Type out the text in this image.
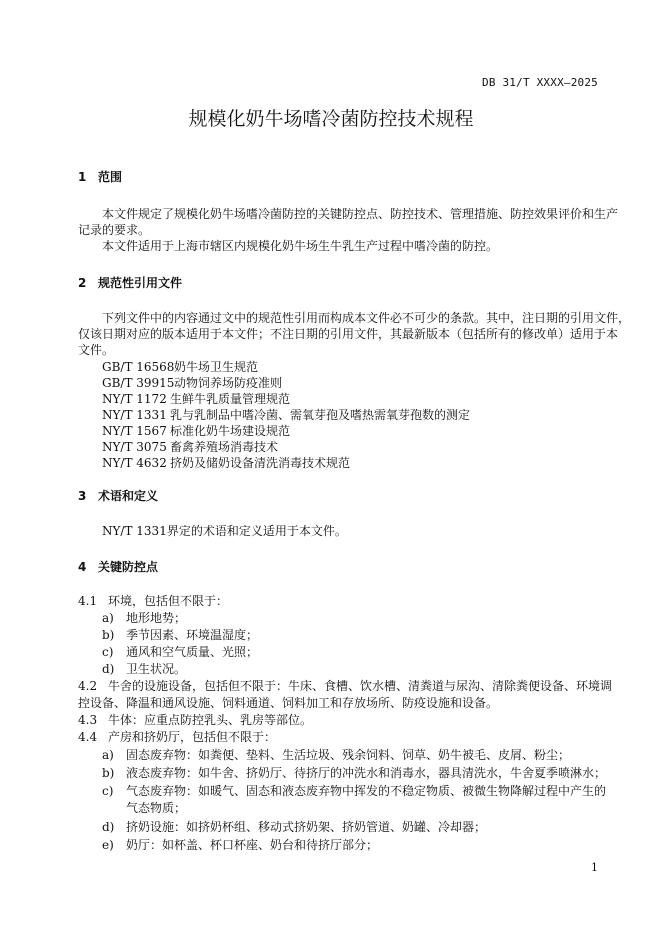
DB 31/T XXXX—2025
规模化奶牛场嗜冷菌防控技术规程
1 范围
本文件规定了规模化奶牛场嗜冷菌防控的关键防控点、防控技术、管理措施、防控效果评价和生产
记录的要求。
本文件适用于上海市辖区内规模化奶牛场生牛乳生产过程中嗜冷菌的防控。
2 规范性引用文件
下列文件中的内容通过文中的规范性引用而构成本文件必不可少的条款。其中，注日期的引用文件，
仅该日期对应的版本适用于本文件；不注日期的引用文件，其最新版本（包括所有的修改单）适用于本
文件。
GB/T 16568奶牛场卫生规范
GB/T 39915动物饲养场防疫准则
NY/T 1172 生鲜牛乳质量管理规范
NY/T 1331 乳与乳制品中嗜冷菌、需氧芽孢及嗜热需氧芽孢数的测定
NY/T 1567 标准化奶牛场建设规范
NY/T 3075 畜禽养殖场消毒技术
NY/T 4632 挤奶及储奶设备清洗消毒技术规范
3 术语和定义
NY/T 1331界定的术语和定义适用于本文件。
4 关键防控点
4.1 环境，包括但不限于：
a) 地形地势；
b) 季节因素、环境温湿度；
c) 通风和空气质量、光照；
d) 卫生状况。
4.2 牛舍的设施设备，包括但不限于：牛床、食槽、饮水槽、清粪道与尿沟、清除粪便设备、环境调
控设备、降温和通风设施、饲料通道、饲料加工和存放场所、防疫设施和设备。
4.3 牛体：应重点防控乳头、乳房等部位。
4.4 产房和挤奶厅，包括但不限于：
a) 固态废弃物：如粪便、垫料、生活垃圾、残余饲料、饲草、奶牛被毛、皮屑、粉尘；
b) 液态废弃物：如牛舍、挤奶厅、待挤厅的冲洗水和消毒水，器具清洗水，牛舍夏季喷淋水；
c) 气态废弃物：如暖气、固态和液态废弃物中挥发的不稳定物质、被微生物降解过程中产生的
气态物质；
d) 挤奶设施：如挤奶杯组、移动式挤奶架、挤奶管道、奶罐、冷却器；
e) 奶厅：如杯盖、杯口杯座、奶台和待挤厅部分；
1
